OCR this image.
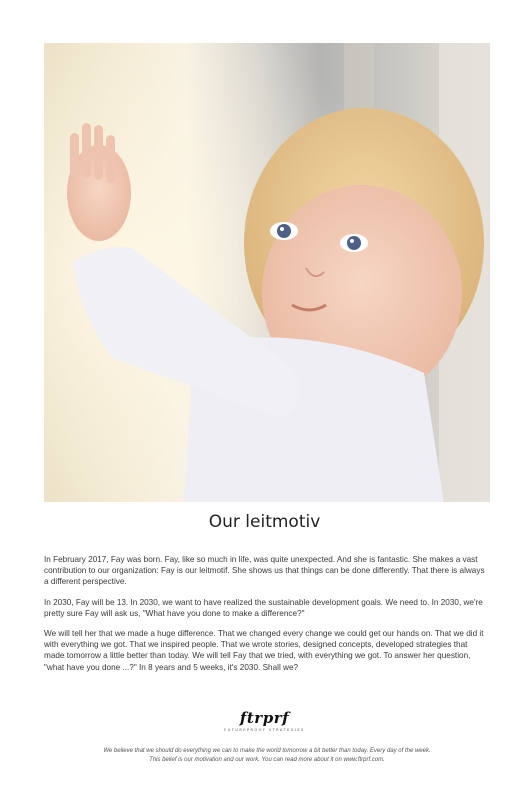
Our leitmotiv

In February 2017, Fay was born. Fay, like so much in life, was quite unexpected. And she is fantastic. She makes a vast contribution to our organization: Fay is our leitmotif. She shows us that things can be done differently. That there is always a different perspective.

In 2030, Fay will be 13. In 2030, we want to have realized the sustainable development goals. We need to. In 2030, we're pretty sure Fay will ask us, "What have you done to make a difference?"

We will tell her that we made a huge difference. That we changed every change we could get our hands on. That we did it with everything we got. That we inspired people. That we wrote stories, designed concepts, developed strategies that made tomorrow a little better than today. We will tell Fay that we tried, with everything we got. To answer her question, "what have you done ...?" In 8 years and 5 weeks, it's 2030. Shall we?

ftrprf
FUTUREPROOF STRATEGIES
We believe that we should do everything we can to make the world tomorrow a bit better than today. Every day of the week.
This belief is our motivation and our work. You can read more about it on www.ftrprf.com.
